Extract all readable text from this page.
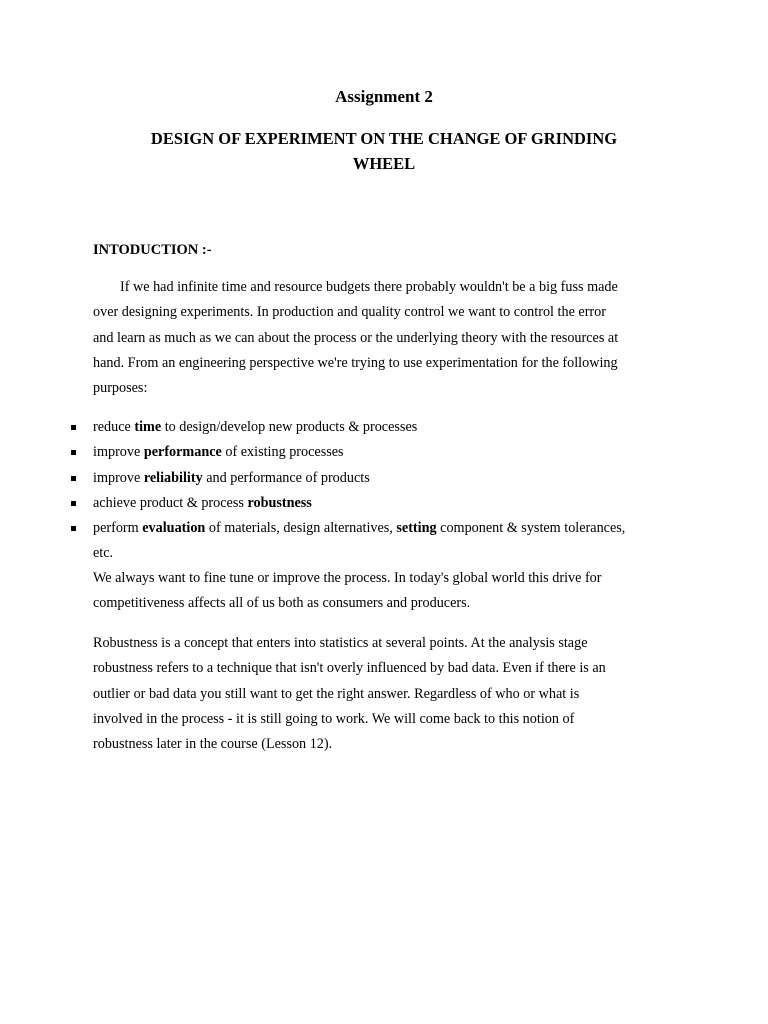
Assignment 2
DESIGN OF EXPERIMENT ON THE CHANGE OF GRINDING
WHEEL
INTODUCTION :-
If we had infinite time and resource budgets there probably wouldn't be a big fuss made
over designing experiments. In production and quality control we want to control the error
and learn as much as we can about the process or the underlying theory with the resources at
hand. From an engineering perspective we're trying to use experimentation for the following
purposes:
reduce time to design/develop new products & processes
improve performance of existing processes
improve reliability and performance of products
achieve product & process robustness
perform evaluation of materials, design alternatives, setting component & system tolerances,
etc.
We always want to fine tune or improve the process. In today's global world this drive for
competitiveness affects all of us both as consumers and producers.
Robustness is a concept that enters into statistics at several points. At the analysis stage
robustness refers to a technique that isn't overly influenced by bad data. Even if there is an
outlier or bad data you still want to get the right answer. Regardless of who or what is
involved in the process - it is still going to work. We will come back to this notion of
robustness later in the course (Lesson 12).
